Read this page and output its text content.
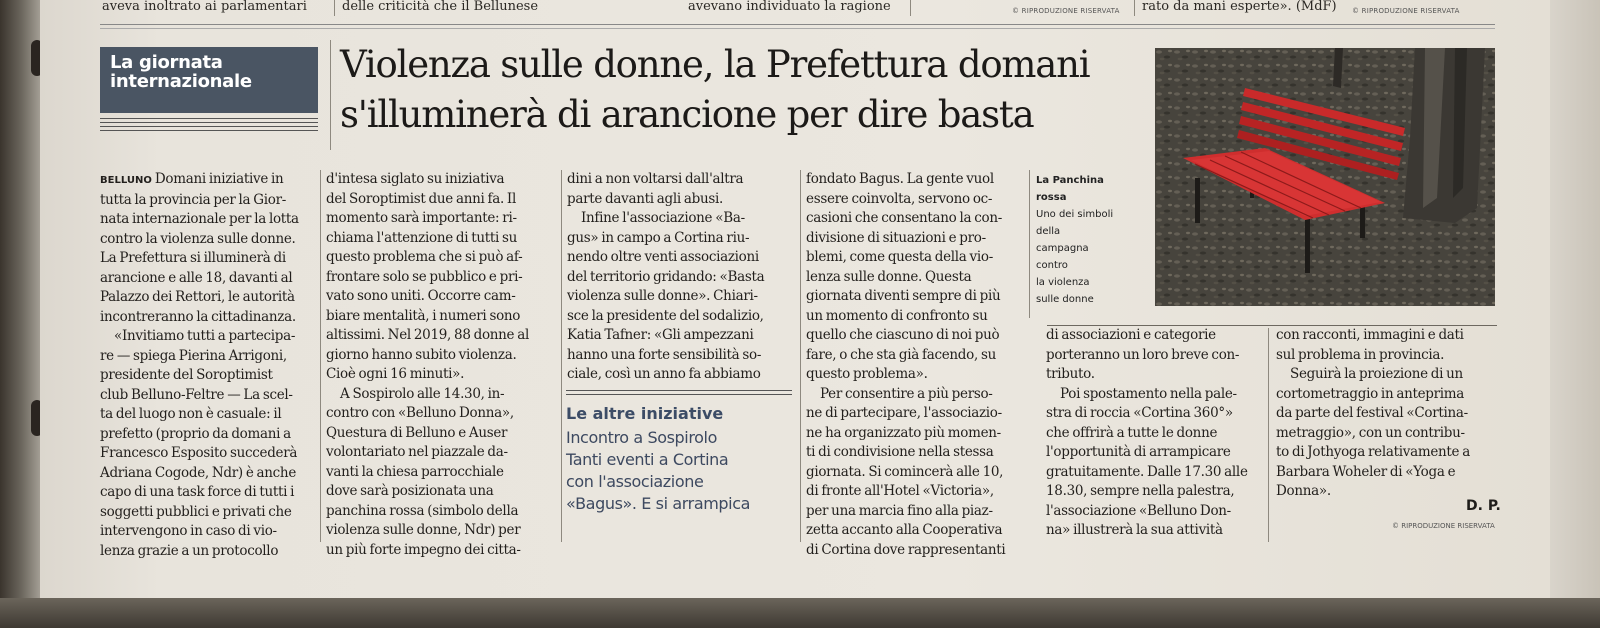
aveva inoltrato ai parlamentari	delle criticità che il Bellunese	avevano individuato la ragione	© RIPRODUZIONE RISERVATA	rato da mani esperte». (MdF)	© RIPRODUZIONE RISERVATA
La giornata internazionale	Violenza sulle donne, la Prefettura domani
s'illuminerà di arancione per dire basta
La Panchina
rossa
Uno dei simboli
della
campagna
contro
la violenza
sulle donne
BELLUNO Domani iniziative in
tutta la provincia per la Gior-
nata internazionale per la lotta
contro la violenza sulle donne.
La Prefettura si illuminerà di
arancione e alle 18, davanti al
Palazzo dei Rettori, le autorità
incontreranno la cittadinanza.
«Invitiamo tutti a partecipa-
re — spiega Pierina Arrigoni,
presidente del Soroptimist
club Belluno-Feltre — La scel-
ta del luogo non è casuale: il
prefetto (proprio da domani a
Francesco Esposito succederà
Adriana Cogode, Ndr) è anche
capo di una task force di tutti i
soggetti pubblici e privati che
intervengono in caso di vio-
lenza grazie a un protocollo
d'intesa siglato su iniziativa
del Soroptimist due anni fa. Il
momento sarà importante: ri-
chiama l'attenzione di tutti su
questo problema che si può af-
frontare solo se pubblico e pri-
vato sono uniti. Occorre cam-
biare mentalità, i numeri sono
altissimi. Nel 2019, 88 donne al
giorno hanno subito violenza.
Cioè ogni 16 minuti».
A Sospirolo alle 14.30, in-
contro con «Belluno Donna»,
Questura di Belluno e Auser
volontariato nel piazzale da-
vanti la chiesa parrocchiale
dove sarà posizionata una
panchina rossa (simbolo della
violenza sulle donne, Ndr) per
un più forte impegno dei citta-
dini a non voltarsi dall'altra
parte davanti agli abusi.
Infine l'associazione «Ba-
gus» in campo a Cortina riu-
nendo oltre venti associazioni
del territorio gridando: «Basta
violenza sulle donne». Chiari-
sce la presidente del sodalizio,
Katia Tafner: «Gli ampezzani
hanno una forte sensibilità so-
ciale, così un anno fa abbiamo
Le altre iniziative
Incontro a Sospirolo
Tanti eventi a Cortina
con l'associazione
«Bagus». E si arrampica
fondato Bagus. La gente vuol
essere coinvolta, servono oc-
casioni che consentano la con-
divisione di situazioni e pro-
blemi, come questa della vio-
lenza sulle donne. Questa
giornata diventi sempre di più
un momento di confronto su
quello che ciascuno di noi può
fare, o che sta già facendo, su
questo problema».
Per consentire a più perso-
ne di partecipare, l'associazio-
ne ha organizzato più momen-
ti di condivisione nella stessa
giornata. Si comincerà alle 10,
di fronte all'Hotel «Victoria»,
per una marcia fino alla piaz-
zetta accanto alla Cooperativa
di Cortina dove rappresentanti
di associazioni e categorie
porteranno un loro breve con-
tributo.
Poi spostamento nella pale-
stra di roccia «Cortina 360°»
che offrirà a tutte le donne
l'opportunità di arrampicare
gratuitamente. Dalle 17.30 alle
18.30, sempre nella palestra,
l'associazione «Belluno Don-
na» illustrerà la sua attività
con racconti, immagini e dati
sul problema in provincia.
Seguirà la proiezione di un
cortometraggio in anteprima
da parte del festival «Cortina-
metraggio», con un contribu-
to di Jothyoga relativamente a
Barbara Woheler di «Yoga e
Donna».
D. P.
© RIPRODUZIONE RISERVATA
